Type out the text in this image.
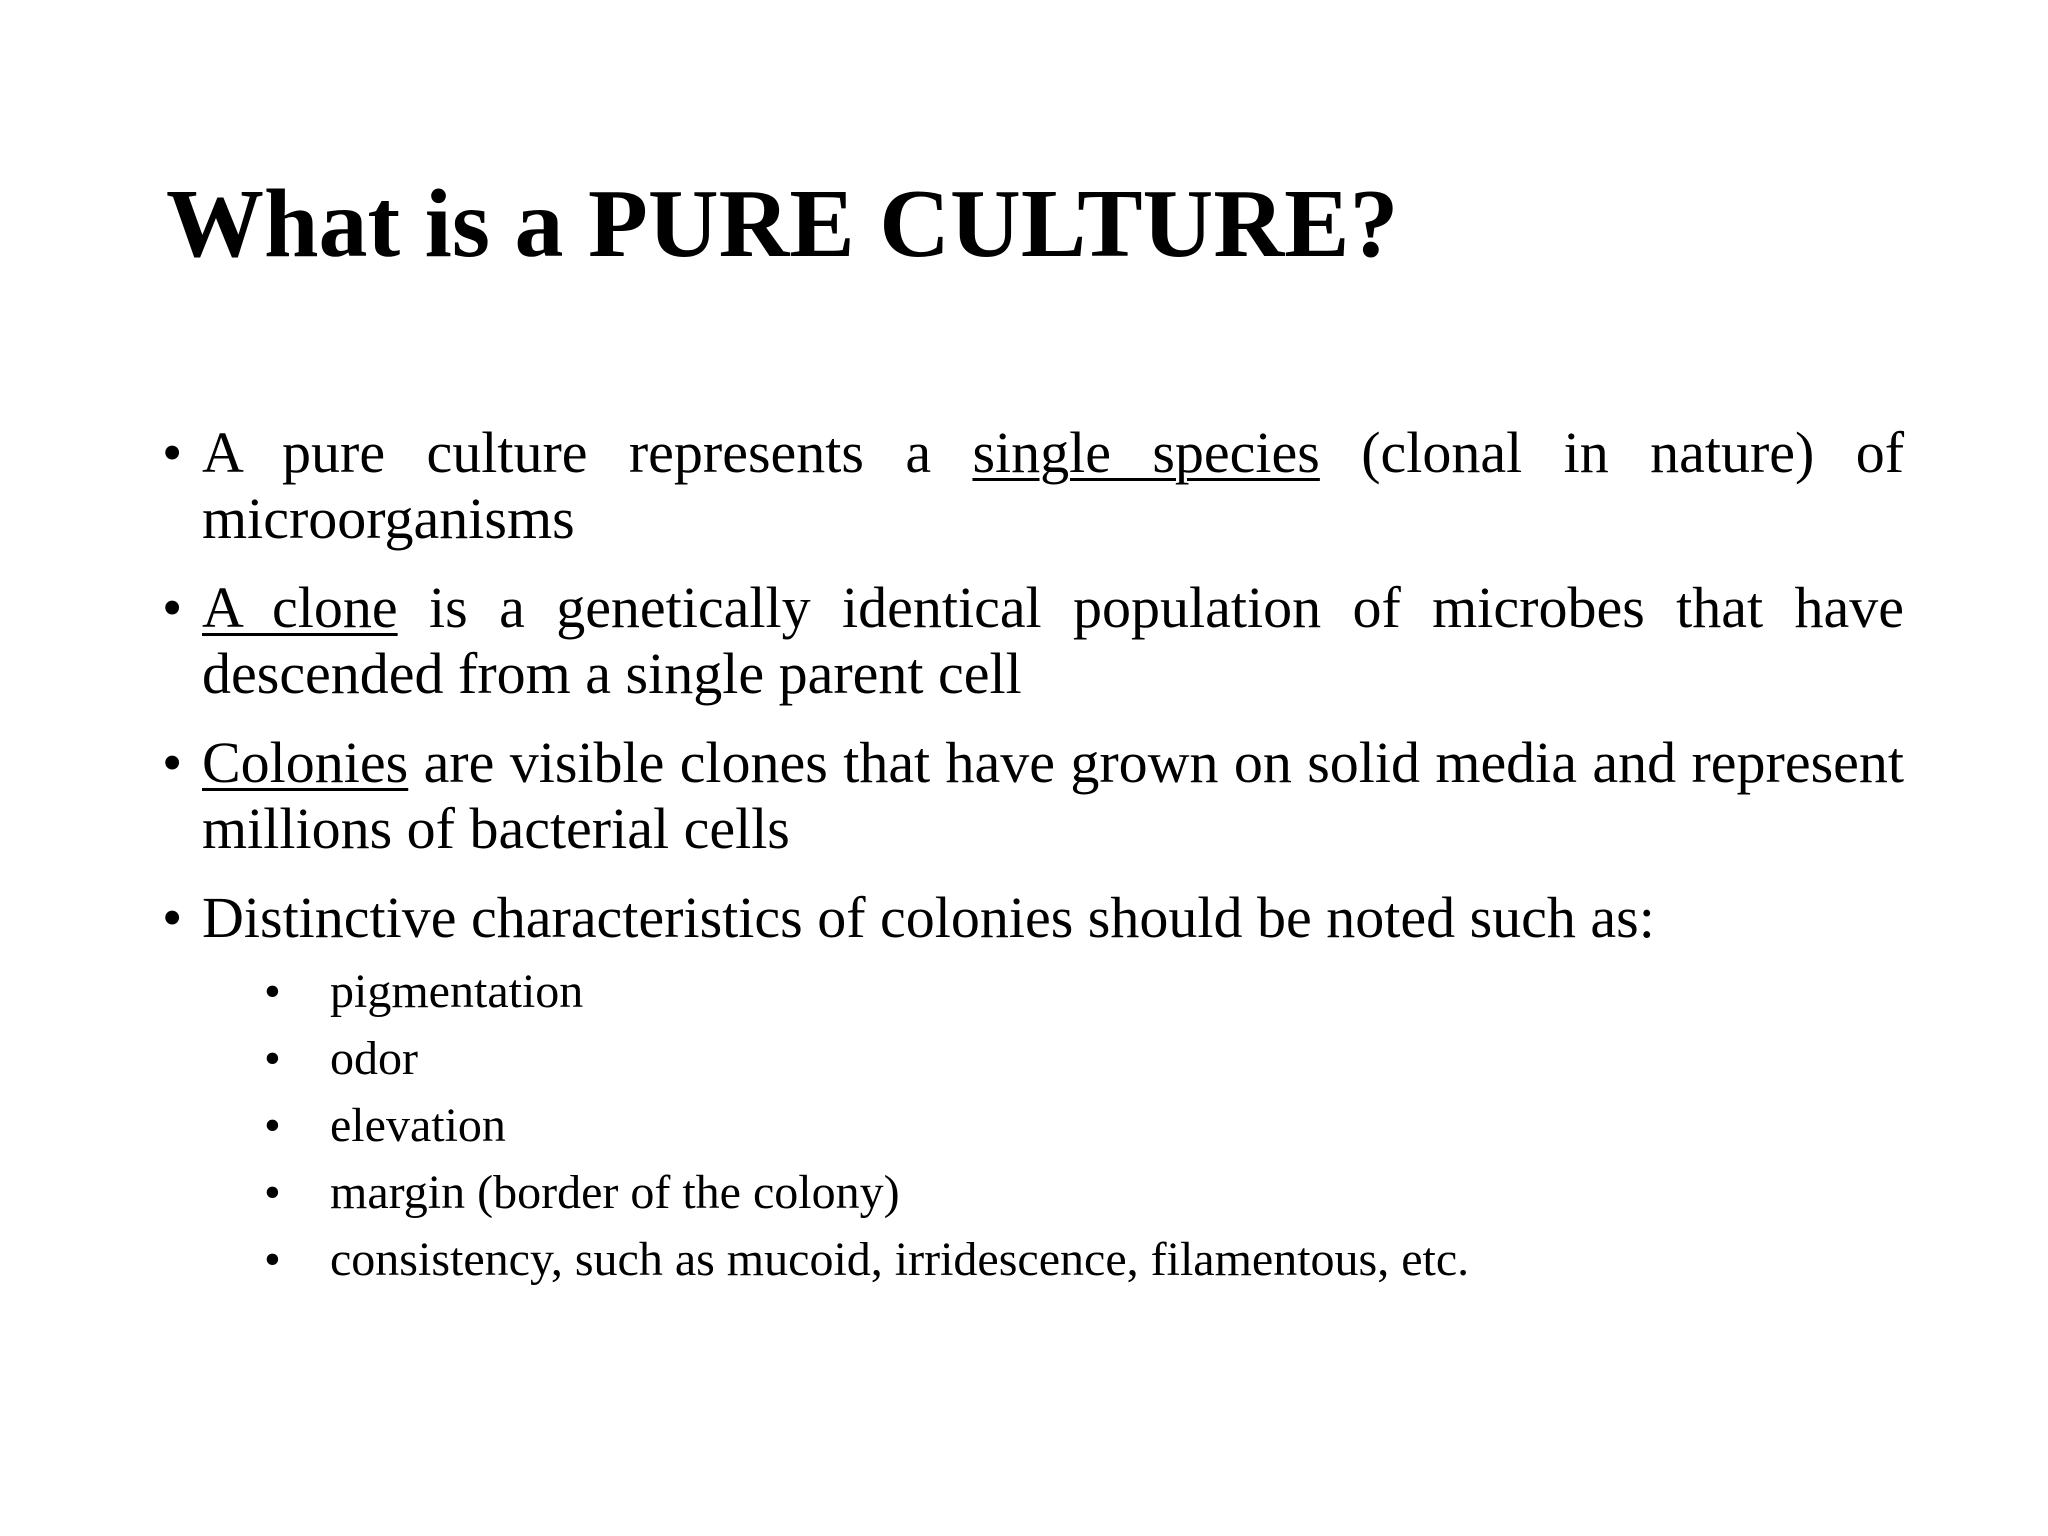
What is a PURE CULTURE?
• A pure culture represents a single species (clonal in nature) of microorganisms
• A clone is a genetically identical population of microbes that have descended from a single parent cell
• Colonies are visible clones that have grown on solid media and represent millions of bacterial cells
• Distinctive characteristics of colonies should be noted such as:
• pigmentation
• odor
• elevation
• margin (border of the colony)
• consistency, such as mucoid, irridescence, filamentous, etc.
